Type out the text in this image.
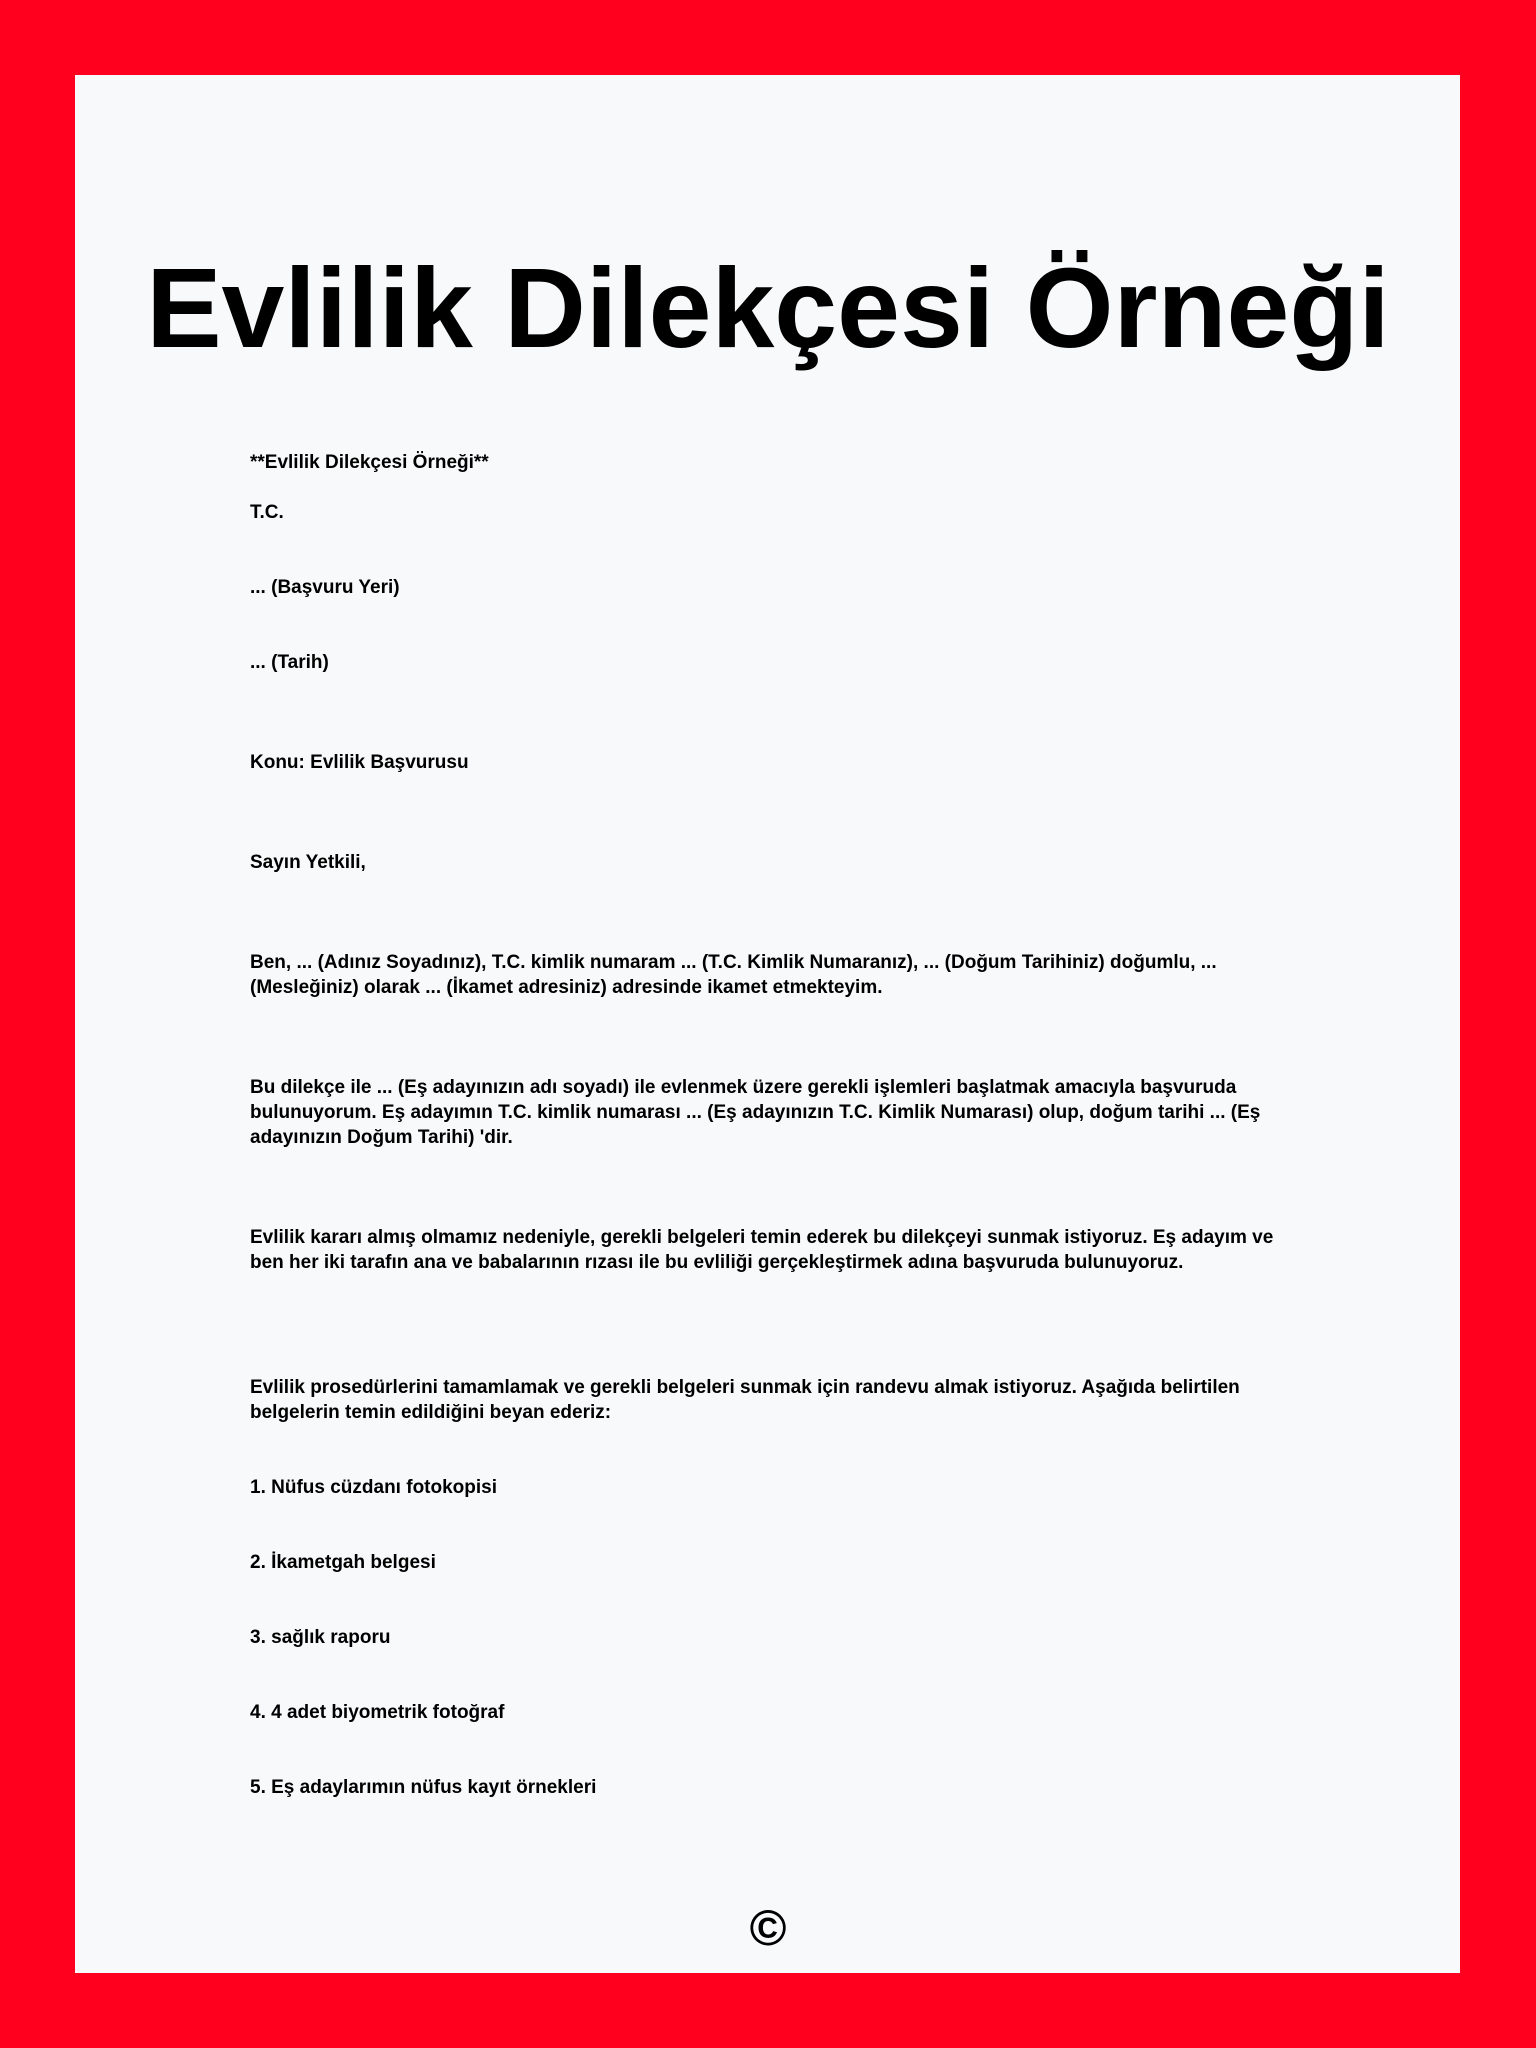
Evlilik Dilekçesi Örneği

**Evlilik Dilekçesi Örneği**

T.C.

... (Başvuru Yeri)

... (Tarih)

Konu: Evlilik Başvurusu

Sayın Yetkili,

Ben, ... (Adınız Soyadınız), T.C. kimlik numaram ... (T.C. Kimlik Numaranız), ... (Doğum Tarihiniz) doğumlu, ... (Mesleğiniz) olarak ... (İkamet adresiniz) adresinde ikamet etmekteyim.

Bu dilekçe ile ... (Eş adayınızın adı soyadı) ile evlenmek üzere gerekli işlemleri başlatmak amacıyla başvuruda bulunuyorum. Eş adayımın T.C. kimlik numarası ... (Eş adayınızın T.C. Kimlik Numarası) olup, doğum tarihi ... (Eş adayınızın Doğum Tarihi) 'dir.

Evlilik kararı almış olmamız nedeniyle, gerekli belgeleri temin ederek bu dilekçeyi sunmak istiyoruz. Eş adayım ve ben her iki tarafın ana ve babalarının rızası ile bu evliliği gerçekleştirmek adına başvuruda bulunuyoruz.

Evlilik prosedürlerini tamamlamak ve gerekli belgeleri sunmak için randevu almak istiyoruz. Aşağıda belirtilen belgelerin temin edildiğini beyan ederiz:

1. Nüfus cüzdanı fotokopisi

2. İkametgah belgesi

3. sağlık raporu

4. 4 adet biyometrik fotoğraf

5. Eş adaylarımın nüfus kayıt örnekleri

©
